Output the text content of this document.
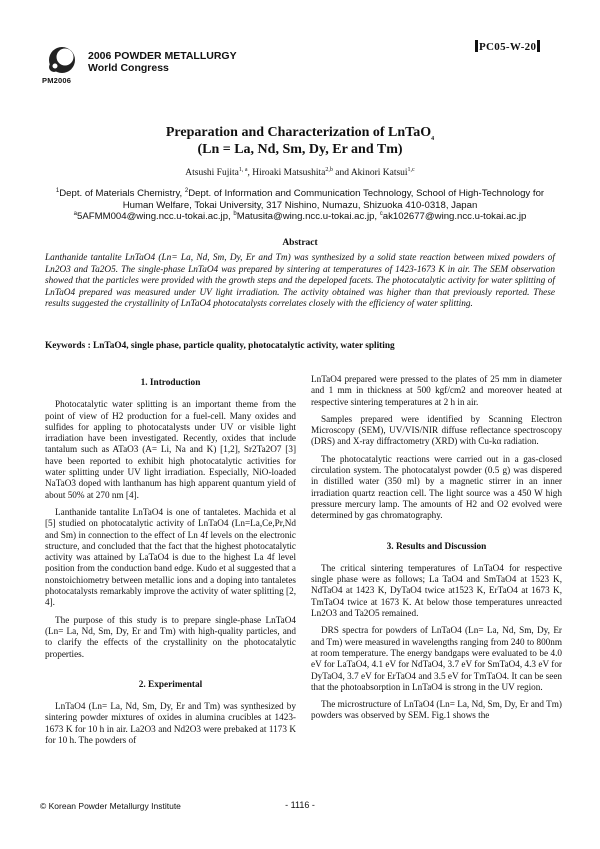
PM2006
2006 POWDER METALLURGY
World Congress
PC05-W-20
Preparation and Characterization of LnTaO$_4$
(Ln = La, Nd, Sm, Dy, Er and Tm)
Atsushi Fujita$^{1, a}$, Hiroaki Matsushita$^{2,b}$ and Akinori Katsui$^{1,c}$
$^1$Dept. of Materials Chemistry, $^2$Dept. of Information and Communication Technology, School of High-Technology for Human Welfare, Tokai University, 317 Nishino, Numazu, Shizuoka 410-0318, Japan
$^a$5AFMM004@wing.ncc.u-tokai.ac.jp, $^b$Matusita@wing.ncc.u-tokai.ac.jp, $^c$ak102677@wing.ncc.u-tokai.ac.jp
Abstract
Lanthanide tantalite LnTaO4 (Ln= La, Nd, Sm, Dy, Er and Tm) was synthesized by a solid state reaction between mixed powders of Ln2O3 and Ta2O5. The single-phase LnTaO4 was prepared by sintering at temperatures of 1423-1673 K in air. The SEM observation showed that the particles were provided with the growth steps and the depeloped facets. The photocatalytic activity for water splitting of LnTaO4 prepared was measured under UV light irradiation. The activity obtained was higher than that previously reported. These results suggested the crystallinity of LnTaO4 photocatalysts correlates closely with the efficiency of water splitting.
Keywords : LnTaO4, single phase, particle quality, photocatalytic activity, water spliting
1. Introduction

Photocatalytic water splitting is an important theme from the point of view of H2 production for a fuel-cell. Many oxides and sulfides for appling to photocatalysts under UV or visible light irradiation have been investigated. Recently, oxides that include tantalum such as ATaO3 (A= Li, Na and K) [1,2], Sr2Ta2O7 [3] have been reported to exhibit high photocatalytic activities for water splitting under UV light irradiation. Especially, NiO-loaded NaTaO3 doped with lanthanum has high apparent quantum yield of about 50% at 270 nm [4].

Lanthanide tantalite LnTaO4 is one of tantaletes. Machida et al [5] studied on photocatalytic activity of LnTaO4 (Ln=La,Ce,Pr,Nd and Sm) in connection to the effect of Ln 4f levels on the electronic structure, and concluded that the fact that the highest photocatalytic activity was attained by LaTaO4 is due to the highest La 4f level position from the conduction band edge. Kudo et al suggested that a nonstoichiometry between metallic ions and a doping into tantaletes photocatalysts remarkably improve the activity of water splitting [2, 4].

The purpose of this study is to prepare single-phase LnTaO4 (Ln= La, Nd, Sm, Dy, Er and Tm) with high-quality particles, and to clarify the effects of the crystallinity on the photocatalytic properties.

2. Experimental

LnTaO4 (Ln= La, Nd, Sm, Dy, Er and Tm) was synthesized by sintering powder mixtures of oxides in alumina crucibles at 1423-1673 K for 10 h in air. La2O3 and Nd2O3 were prebaked at 1173 K for 10 h. The powders of

LnTaO4 prepared were pressed to the plates of 25 mm in diameter and 1 mm in thickness at 500 kgf/cm2 and moreover heated at respective sintering temperatures at 2 h in air.

Samples prepared were identified by Scanning Electron Microscopy (SEM), UV/VIS/NIR diffuse reflectance spectroscopy (DRS) and X-ray diffractometry (XRD) with Cu-kα radiation.

The photocatalytic reactions were carried out in a gas-closed circulation system. The photocatalyst powder (0.5 g) was dispered in distilled water (350 ml) by a magnetic stirrer in an inner irradiation quartz reaction cell. The light source was a 450 W high pressure mercury lamp. The amounts of H2 and O2 evolved were determined by gas chromatography.

3. Results and Discussion

The critical sintering temperatures of LnTaO4 for respective single phase were as follows; La TaO4 and SmTaO4 at 1523 K, NdTaO4 at 1423 K, DyTaO4 twice at1523 K, ErTaO4 at 1673 K, TmTaO4 twice at 1673 K. At below those temperatures unreacted Ln2O3 and Ta2O5 remained.

DRS spectra for powders of LnTaO4 (Ln= La, Nd, Sm, Dy, Er and Tm) were measured in wavelengths ranging from 240 to 800nm at room temperature. The energy bandgaps were evaluated to be 4.0 eV for LaTaO4, 4.1 eV for NdTaO4, 3.7 eV for SmTaO4, 4.3 eV for DyTaO4, 3.7 eV for ErTaO4 and 3.5 eV for TmTaO4. It can be seen that the photoabsorption in LnTaO4 is strong in the UV region.

The microstructure of LnTaO4 (Ln= La, Nd, Sm, Dy, Er and Tm) powders was observed by SEM. Fig.1 shows the

© Korean Powder Metallurgy Institute	- 1116 -
